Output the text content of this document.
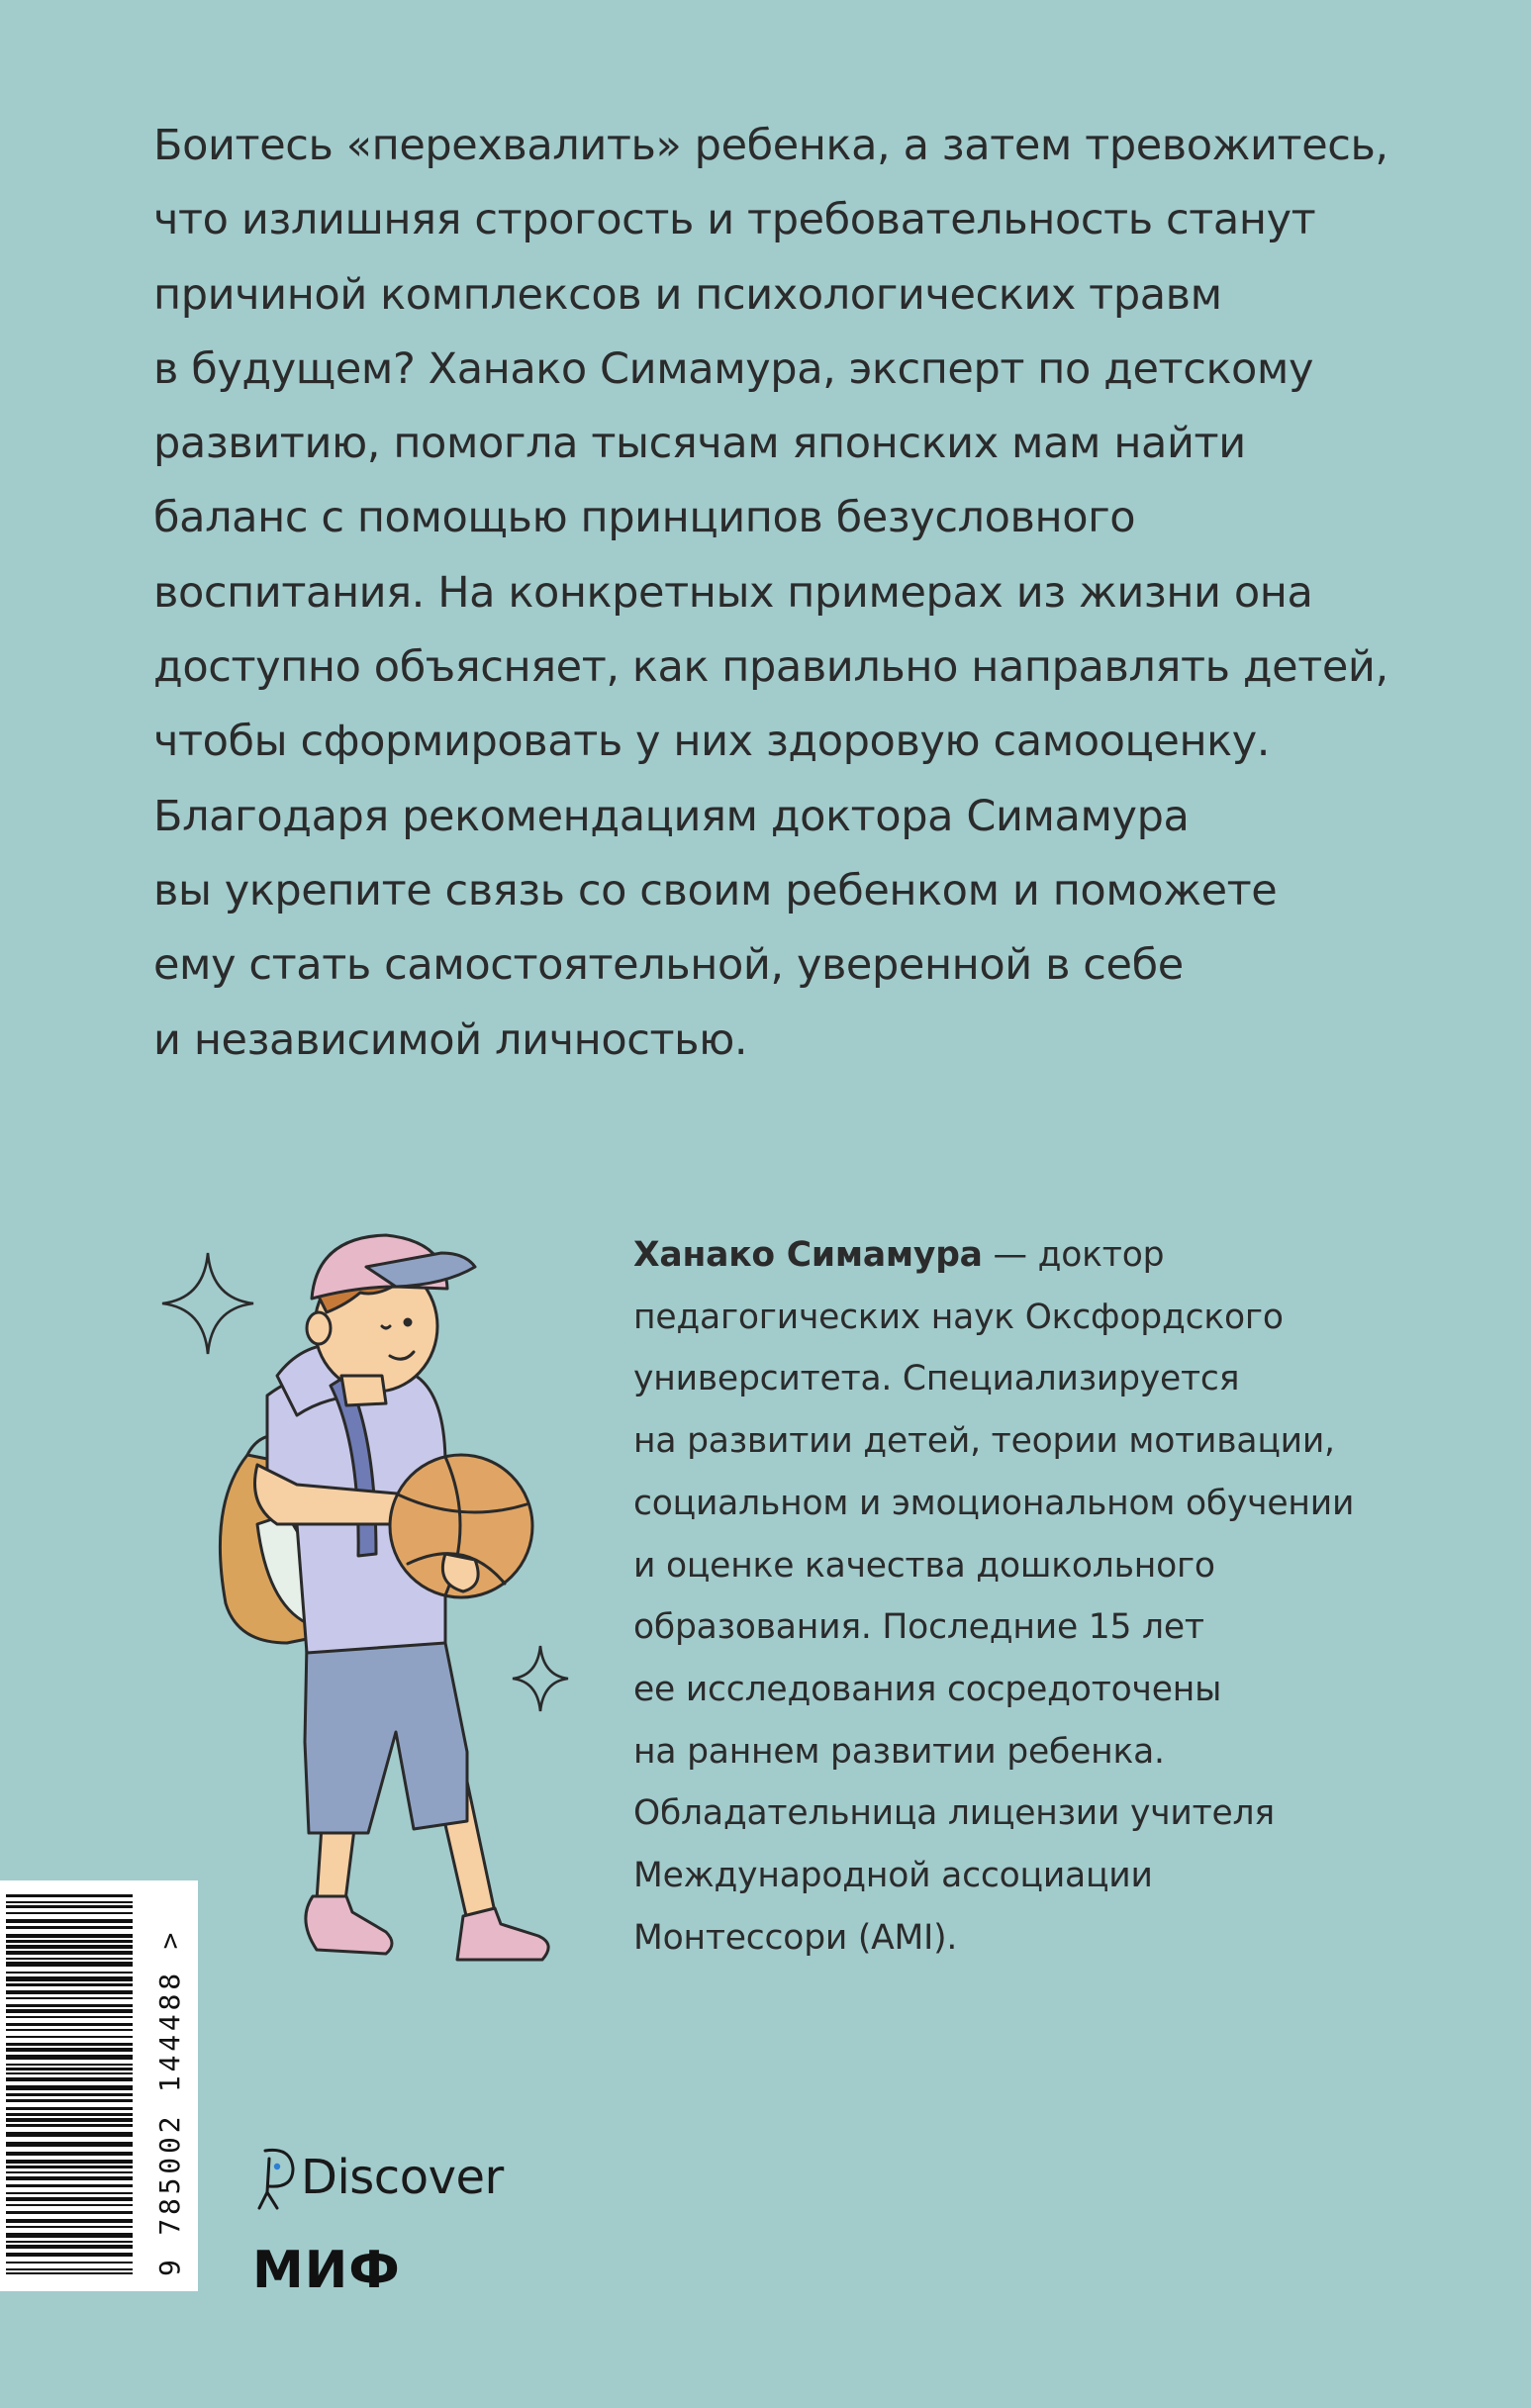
Боитесь «перехвалить» ребенка, а затем тревожитесь,
что излишняя строгость и требовательность станут
причиной комплексов и психологических травм
в будущем? Ханако Симамура, эксперт по детскому
развитию, помогла тысячам японских мам найти
баланс с помощью принципов безусловного
воспитания. На конкретных примерах из жизни она
доступно объясняет, как правильно направлять детей,
чтобы сформировать у них здоровую самооценку.
Благодаря рекомендациям доктора Симамура
вы укрепите связь со своим ребенком и поможете
ему стать самостоятельной, уверенной в себе
и независимой личностью.
Ханако Симамура — доктор
педагогических наук Оксфордского
университета. Специализируется
на развитии детей, теории мотивации,
социальном и эмоциональном обучении
и оценке качества дошкольного
образования. Последние 15 лет
ее исследования сосредоточены
на раннем развитии ребенка.
Обладательница лицензии учителя
Международной ассоциации
Монтессори (AMI).
9 785002 144488 > Discover
МИФ
